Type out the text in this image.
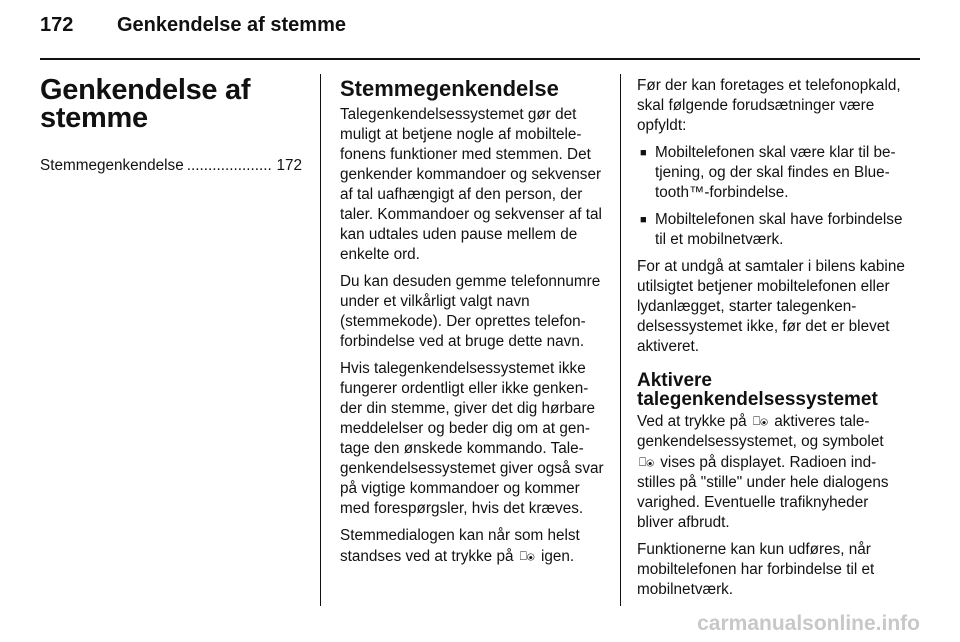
172 Genkendelse af stemme
Genkendelse af stemme
Stemmegenkendelse
.....	172
Stemmegenkendelse

Talegenkendelsessystemet gør det muligt at betjene nogle af mobiltelefonens funktioner med stemmen. Det genkender kommandoer og sekvenser af tal uafhængigt af den person, der taler. Kommandoer og sekvenser af tal kan udtales uden pause mellem de enkelte ord.

Du kan desuden gemme telefonnumre under et vilkårligt valgt navn (stemmekode). Der oprettes telefonforbindelse ved at bruge dette navn.

Hvis talegenkendelsessystemet ikke fungerer ordentligt eller ikke genkender din stemme, giver det dig hørbare meddelelser og beder dig om at gentage den ønskede kommando. Talegenkendelsessystemet giver også svar på vigtige kommandoer og kommer med forespørgsler, hvis det kræves.

Stemmedialogen kan når som helst standses ved at trykke på ⎕⦿ igen.

Før der kan foretages et telefonopkald, skal følgende forudsætninger være opfyldt:

■ Mobiltelefonen skal være klar til betjening, og der skal findes en Bluetooth™-forbindelse.
■ Mobiltelefonen skal have forbindelse til et mobilnetværk.

For at undgå at samtaler i bilens kabine utilsigtet betjener mobiltelefonen eller lydanlægget, starter talegenkendelsessystemet ikke, før det er blevet aktiveret.

Aktivere talegenkendelsessystemet

Ved at trykke på ⎕⦿ aktiveres talegenkendelsessystemet, og symbolet ⎕⦿ vises på displayet. Radioen indstilles på "stille" under hele dialogens varighed. Eventuelle trafiknyheder bliver afbrudt.

Funktionerne kan kun udføres, når mobiltelefonen har forbindelse til et mobilnetværk.

carmanualsonline.info
